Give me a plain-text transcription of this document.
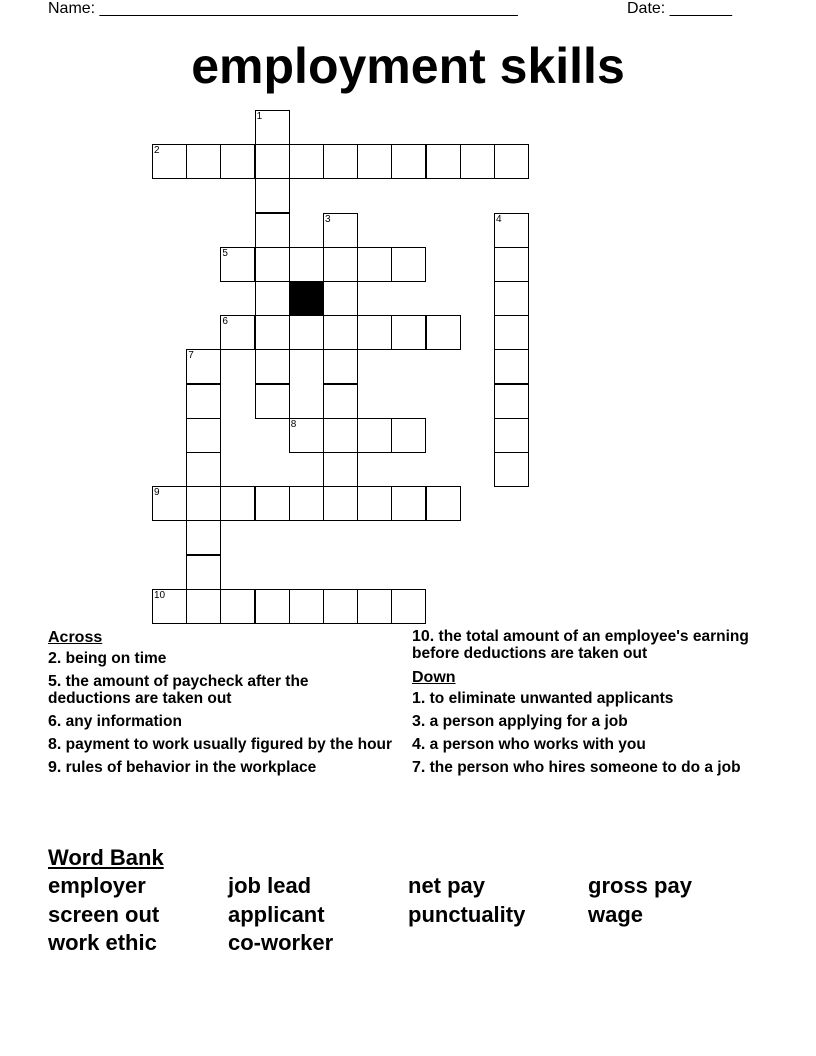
Name: _______________________________________________	Date: _______
employment skills
1
2
3	4
5
6
7
8
9
10
Across
2. being on time
5. the amount of paycheck after the deductions are taken out
6. any information
8. payment to work usually figured by the hour
9. rules of behavior in the workplace
10. the total amount of an employee's earning before deductions are taken out
Down
1. to eliminate unwanted applicants
3. a person applying for a job
4. a person who works with you
7. the person who hires someone to do a job
Word Bank
employer	job lead	net pay	gross pay
screen out	applicant	punctuality	wage
work ethic	co-worker
